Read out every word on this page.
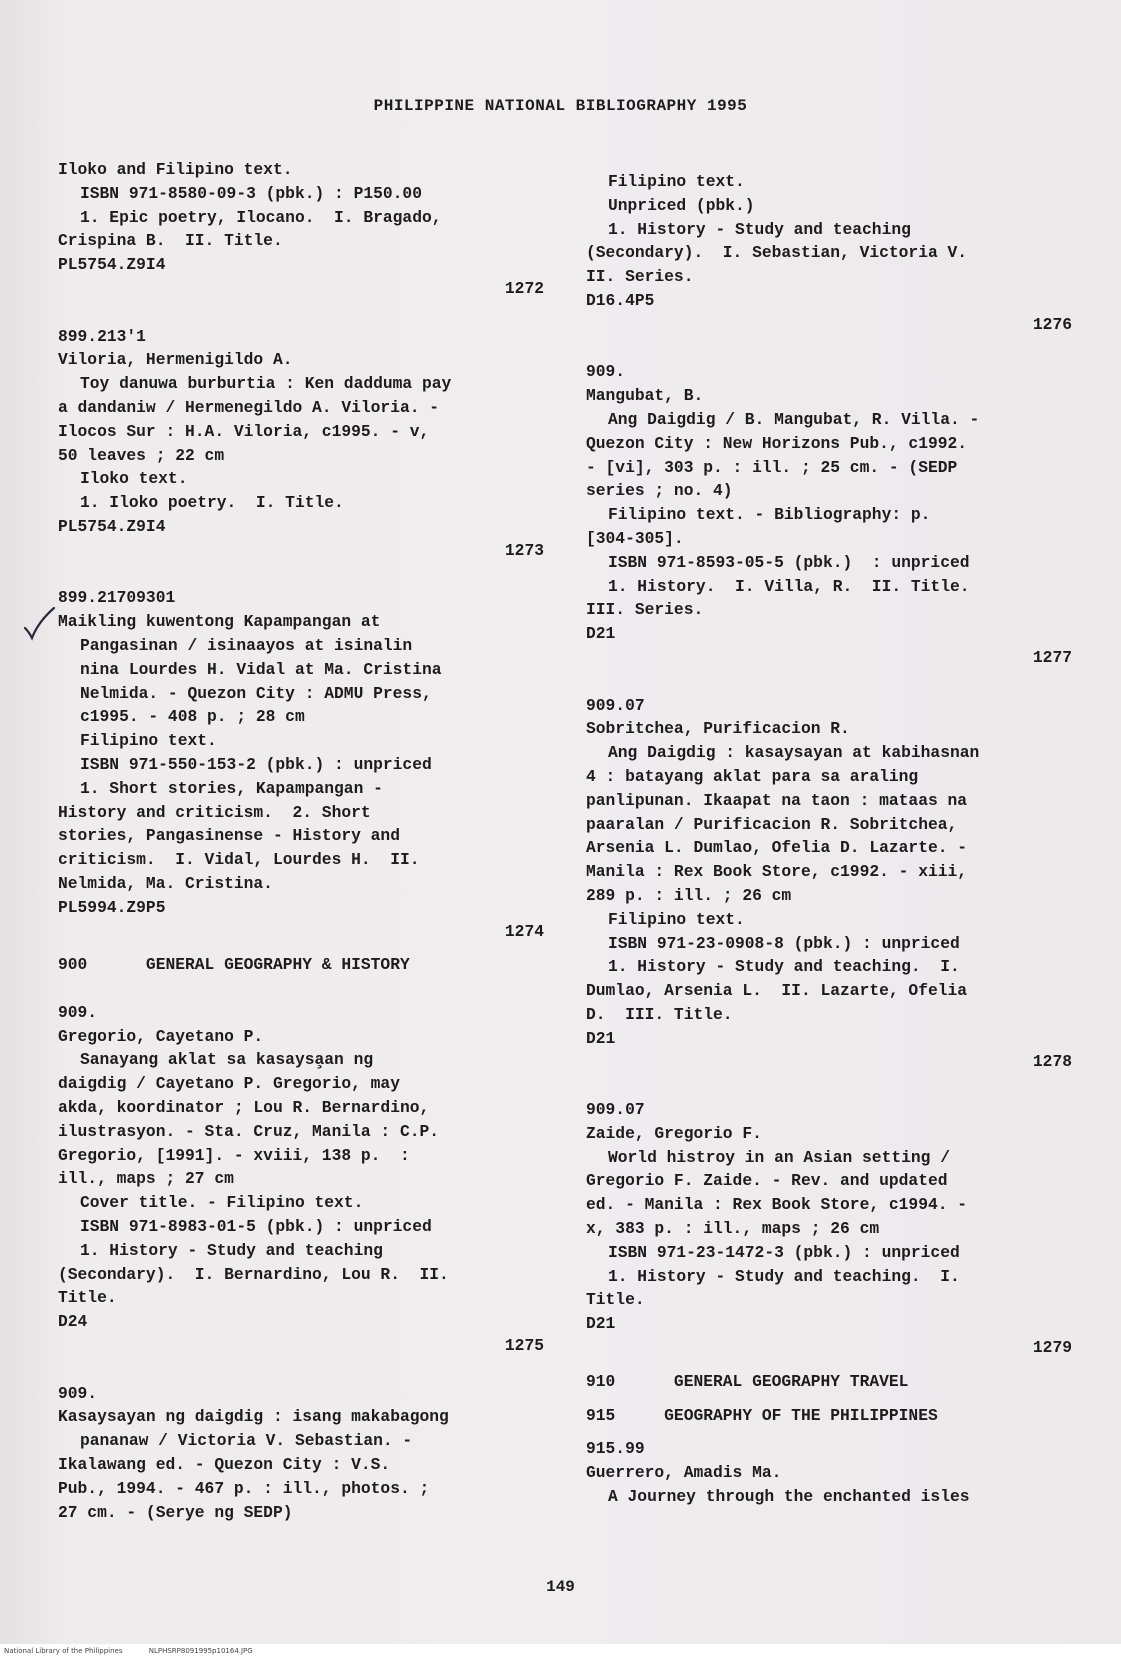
PHILIPPINE NATIONAL BIBLIOGRAPHY 1995
Iloko and Filipino text.
ISBN 971-8580-09-3 (pbk.) : P150.00
1. Epic poetry, Ilocano.  I. Bragado,
Crispina B.  II. Title.
PL5754.Z9I4
1272
899.213'1
Viloria, Hermenigildo A.
Toy danuwa burburtia : Ken dadduma pay
a dandaniw / Hermenegildo A. Viloria. -
Ilocos Sur : H.A. Viloria, c1995. - v,
50 leaves ; 22 cm
Iloko text.
1. Iloko poetry.  I. Title.
PL5754.Z9I4
1273
899.21709301
Maikling kuwentong Kapampangan at
Pangasinan / isinaayos at isinalin
nina Lourdes H. Vidal at Ma. Cristina
Nelmida. - Quezon City : ADMU Press,
c1995. - 408 p. ; 28 cm
Filipino text.
ISBN 971-550-153-2 (pbk.) : unpriced
1. Short stories, Kapampangan -
History and criticism.  2. Short
stories, Pangasinense - History and
criticism.  I. Vidal, Lourdes H.  II.
Nelmida, Ma. Cristina.
PL5994.Z9P5
1274
900      GENERAL GEOGRAPHY & HISTORY
909.
Gregorio, Cayetano P.
Sanayang aklat sa kasaysa̧an ng
daigdig / Cayetano P. Gregorio, may
akda, koordinator ; Lou R. Bernardino,
ilustrasyon. - Sta. Cruz, Manila : C.P.
Gregorio, [1991]. - xviii, 138 p.  :
ill., maps ; 27 cm
Cover title. - Filipino text.
ISBN 971-8983-01-5 (pbk.) : unpriced
1. History - Study and teaching
(Secondary).  I. Bernardino, Lou R.  II.
Title.
D24
1275
909.
Kasaysayan ng daigdig : isang makabagong
pananaw / Victoria V. Sebastian. -
Ikalawang ed. - Quezon City : V.S.
Pub., 1994. - 467 p. : ill., photos. ;
27 cm. - (Serye ng SEDP)
Filipino text.
Unpriced (pbk.)
1. History - Study and teaching
(Secondary).  I. Sebastian, Victoria V.
II. Series.
D16.4P5
1276
909.
Mangubat, B.
Ang Daigdig / B. Mangubat, R. Villa. -
Quezon City : New Horizons Pub., c1992.
- [vi], 303 p. : ill. ; 25 cm. - (SEDP
series ; no. 4)
Filipino text. - Bibliography: p.
[304-305].
ISBN 971-8593-05-5 (pbk.)  : unpriced
1. History.  I. Villa, R.  II. Title.
III. Series.
D21
1277
909.07
Sobritchea, Purificacion R.
Ang Daigdig : kasaysayan at kabihasnan
4 : batayang aklat para sa araling
panlipunan. Ikaapat na taon : mataas na
paaralan / Purificacion R. Sobritchea,
Arsenia L. Dumlao, Ofelia D. Lazarte. -
Manila : Rex Book Store, c1992. - xiii,
289 p. : ill. ; 26 cm
Filipino text.
ISBN 971-23-0908-8 (pbk.) : unpriced
1. History - Study and teaching.  I.
Dumlao, Arsenia L.  II. Lazarte, Ofelia
D.  III. Title.
D21
1278
909.07
Zaide, Gregorio F.
World histroy in an Asian setting /
Gregorio F. Zaide. - Rev. and updated
ed. - Manila : Rex Book Store, c1994. -
x, 383 p. : ill., maps ; 26 cm
ISBN 971-23-1472-3 (pbk.) : unpriced
1. History - Study and teaching.  I.
Title.
D21
1279
910      GENERAL GEOGRAPHY TRAVEL
915     GEOGRAPHY OF THE PHILIPPINES
915.99
Guerrero, Amadis Ma.
A Journey through the enchanted isles
149
National Library of the Philippines	NLPHSRP8091995p10164.JPG
